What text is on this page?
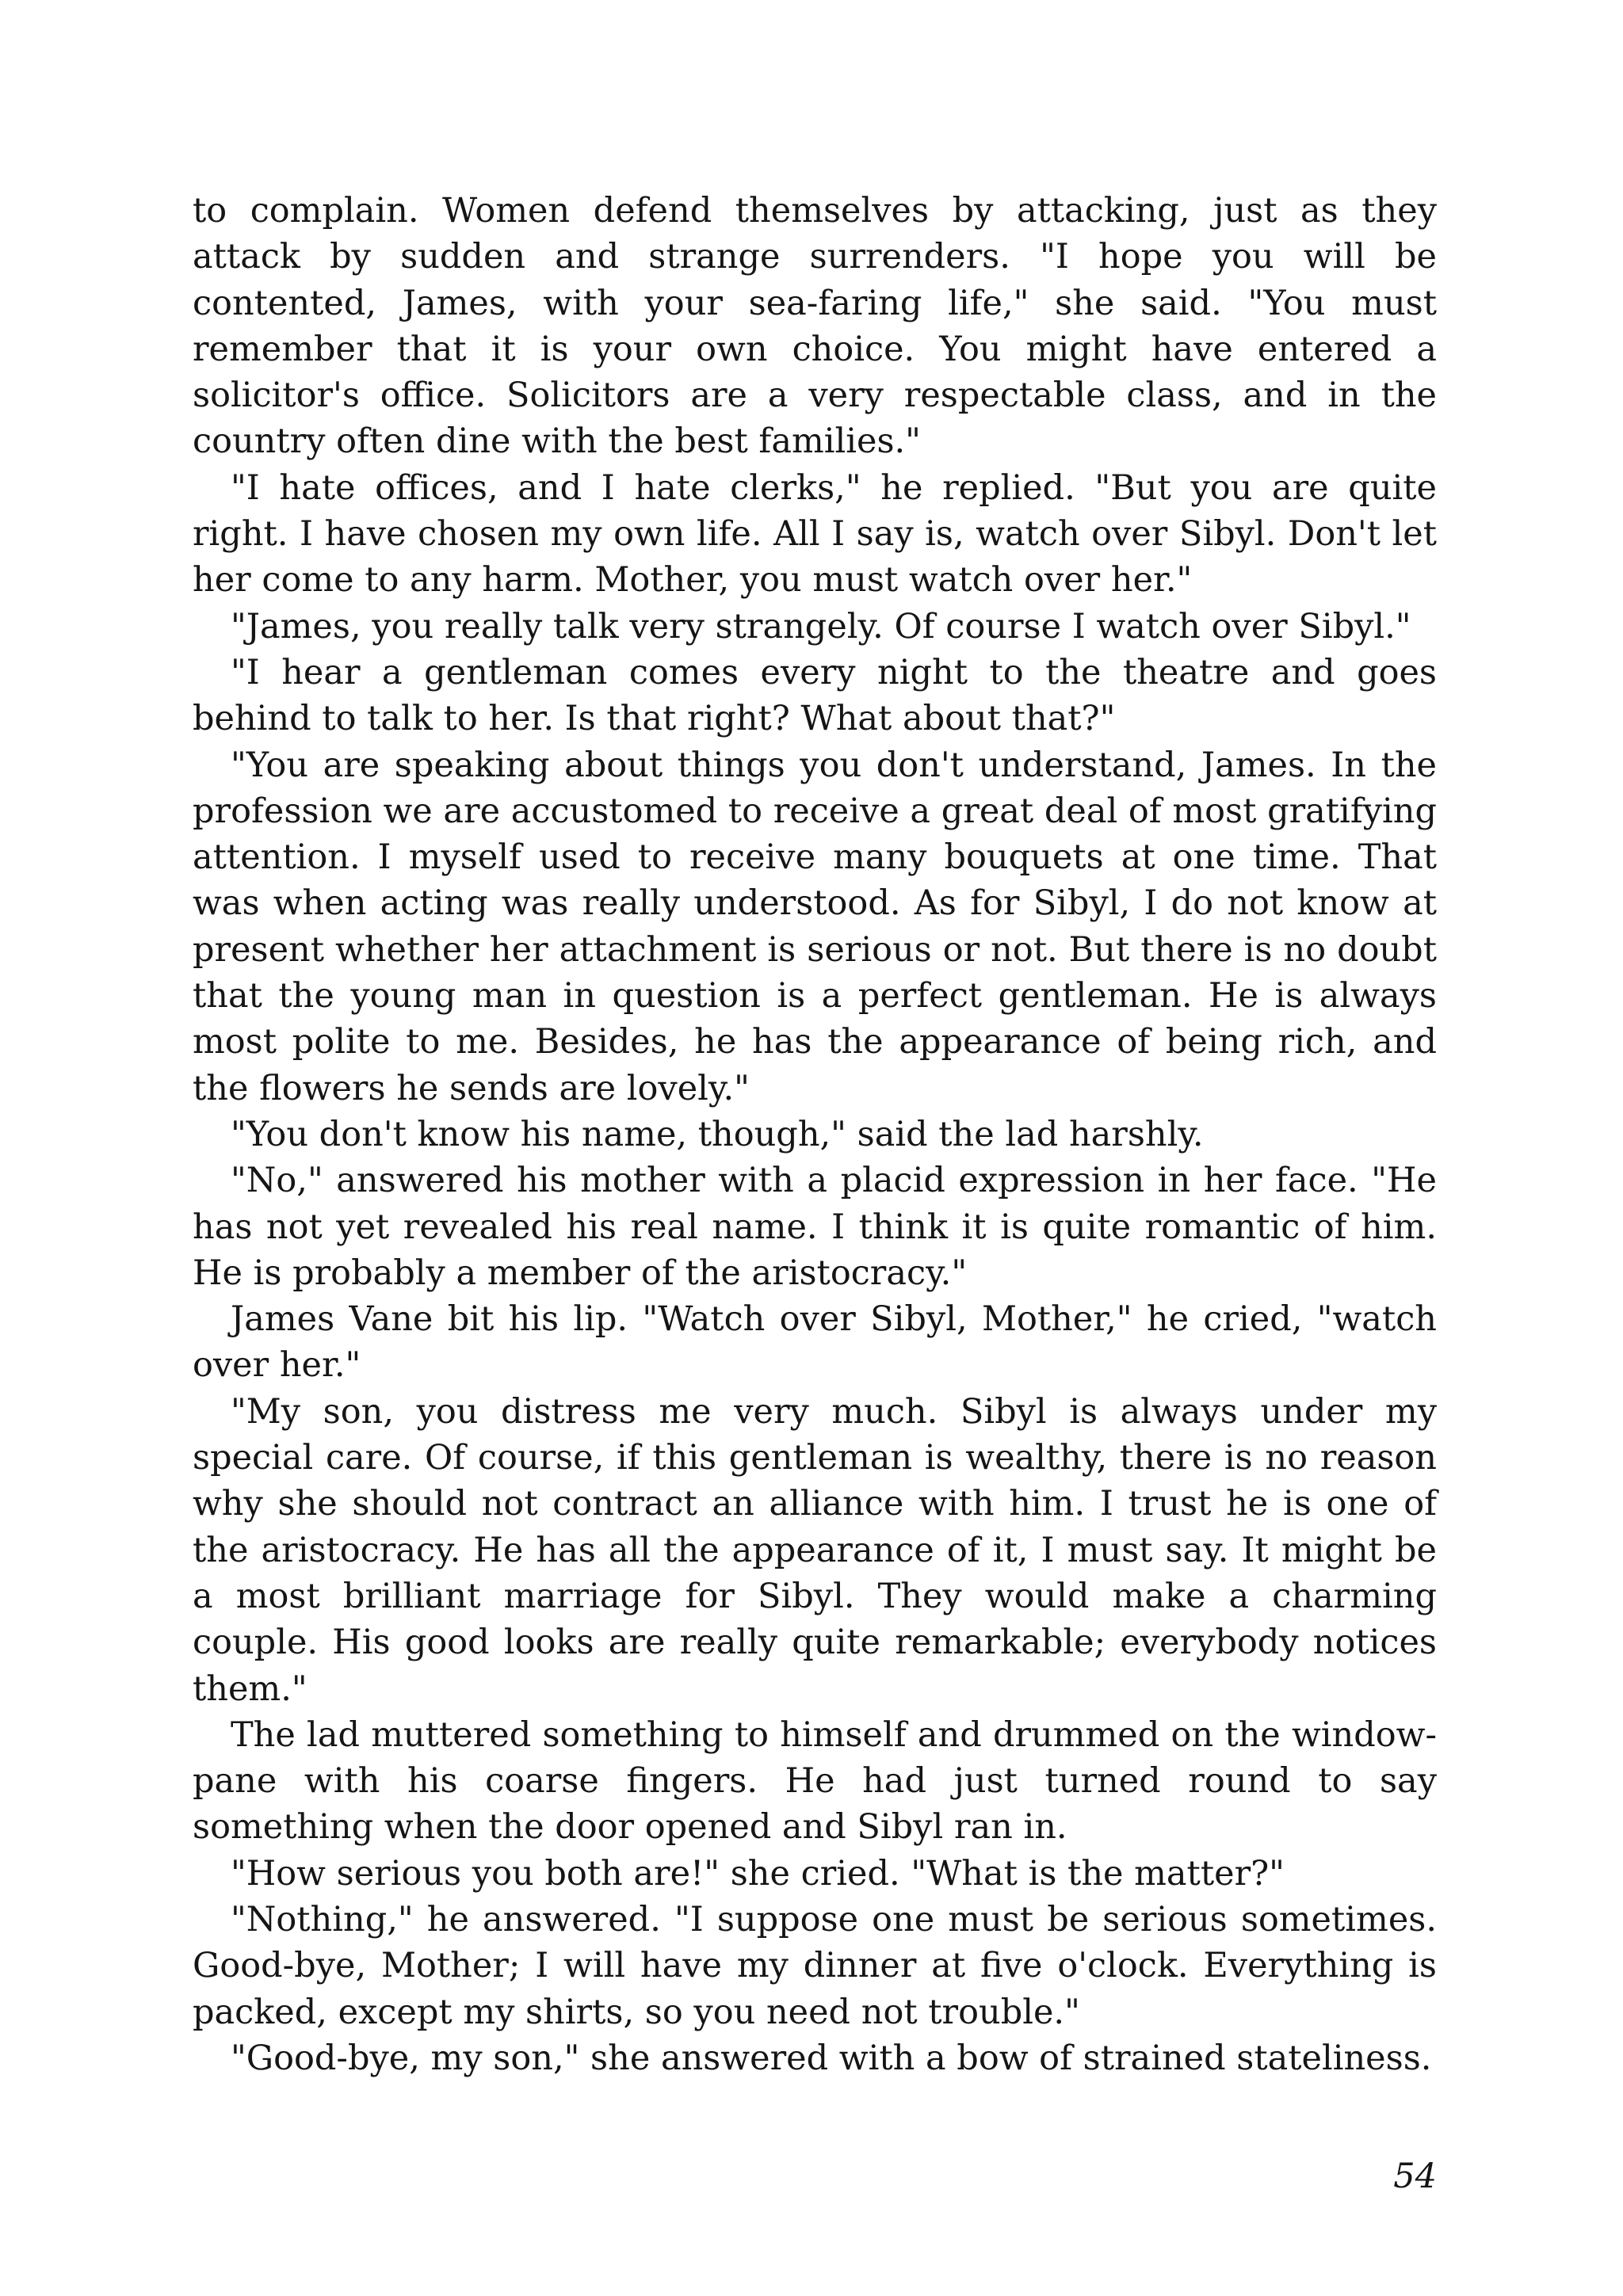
to complain. Women defend themselves by attacking, just as they attack by sudden and strange surrenders. "I hope you will be contented, James, with your sea-faring life," she said. "You must remember that it is your own choice. You might have entered a solicitor's office. Solicitors are a very respectable class, and in the country often dine with the best families."

"I hate offices, and I hate clerks," he replied. "But you are quite right. I have chosen my own life. All I say is, watch over Sibyl. Don't let her come to any harm. Mother, you must watch over her."

"James, you really talk very strangely. Of course I watch over Sibyl."

"I hear a gentleman comes every night to the theatre and goes behind to talk to her. Is that right? What about that?"

"You are speaking about things you don't understand, James. In the profession we are accustomed to receive a great deal of most gratifying attention. I myself used to receive many bouquets at one time. That was when acting was really understood. As for Sibyl, I do not know at present whether her attachment is serious or not. But there is no doubt that the young man in question is a perfect gentleman. He is always most polite to me. Besides, he has the appearance of being rich, and the flowers he sends are lovely."

"You don't know his name, though," said the lad harshly.

"No," answered his mother with a placid expression in her face. "He has not yet revealed his real name. I think it is quite romantic of him. He is probably a member of the aristocracy."

James Vane bit his lip. "Watch over Sibyl, Mother," he cried, "watch over her."

"My son, you distress me very much. Sibyl is always under my special care. Of course, if this gentleman is wealthy, there is no reason why she should not contract an alliance with him. I trust he is one of the aristocracy. He has all the appearance of it, I must say. It might be a most brilliant marriage for Sibyl. They would make a charming couple. His good looks are really quite remarkable; everybody notices them."

The lad muttered something to himself and drummed on the window-pane with his coarse fingers. He had just turned round to say something when the door opened and Sibyl ran in.

"How serious you both are!" she cried. "What is the matter?"

"Nothing," he answered. "I suppose one must be serious sometimes. Good-bye, Mother; I will have my dinner at five o'clock. Everything is packed, except my shirts, so you need not trouble."

"Good-bye, my son," she answered with a bow of strained stateliness.

54
